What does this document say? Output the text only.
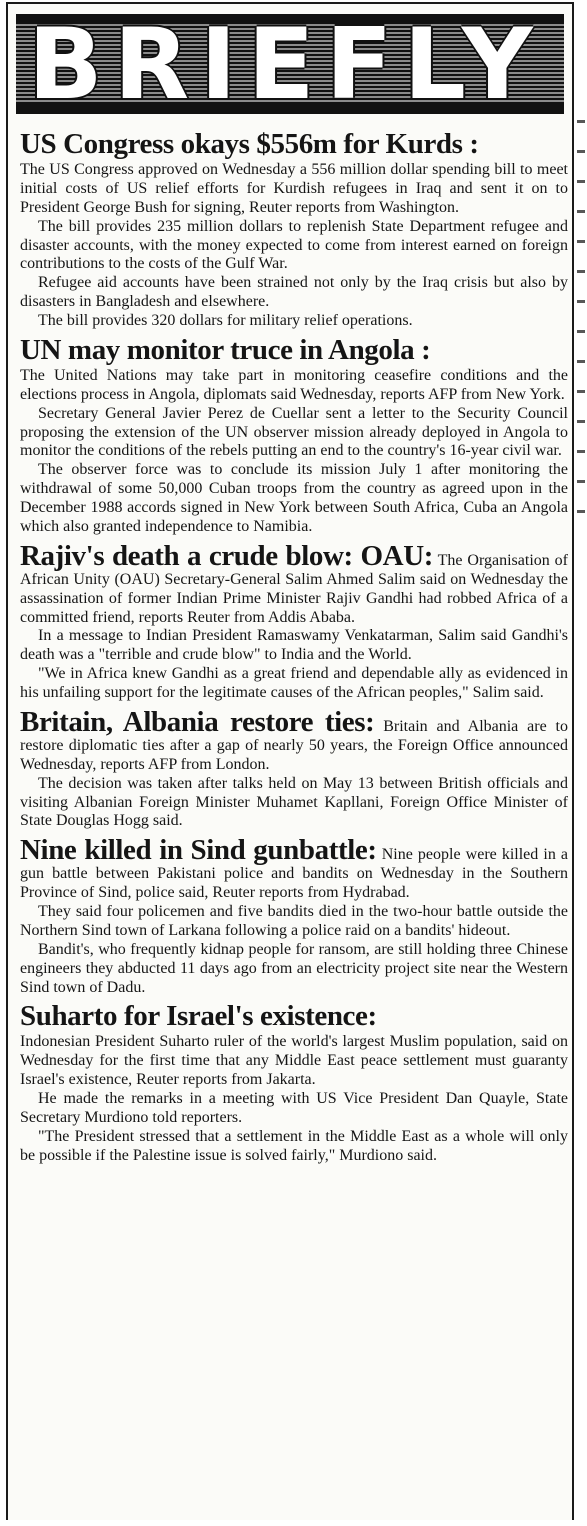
BRIEFLY
US Congress okays $556m for Kurds :

The US Congress approved on Wednesday a 556 million dollar spending bill to meet initial costs of US relief efforts for Kurdish refugees in Iraq and sent it on to President George Bush for signing, Reuter reports from Washington.

The bill provides 235 million dollars to replenish State Department refugee and disaster accounts, with the money expected to come from interest earned on foreign contributions to the costs of the Gulf War.

Refugee aid accounts have been strained not only by the Iraq crisis but also by disasters in Bangladesh and elsewhere.

The bill provides 320 dollars for military relief operations.

UN may monitor truce in Angola :

The United Nations may take part in monitoring ceasefire conditions and the elections process in Angola, diplomats said Wednesday, reports AFP from New York.

Secretary General Javier Perez de Cuellar sent a letter to the Security Council proposing the extension of the UN observer mission already deployed in Angola to monitor the conditions of the rebels putting an end to the country's 16-year civil war.

The observer force was to conclude its mission July 1 after monitoring the withdrawal of some 50,000 Cuban troops from the country as agreed upon in the December 1988 accords signed in New York between South Africa, Cuba an Angola which also granted independence to Namibia.

Rajiv's death a crude blow: OAU: The Organisation of African Unity (OAU) Secretary-General Salim Ahmed Salim said on Wednesday the assassination of former Indian Prime Minister Rajiv Gandhi had robbed Africa of a committed friend, reports Reuter from Addis Ababa.

In a message to Indian President Ramaswamy Venkatarman, Salim said Gandhi's death was a "terrible and crude blow" to India and the World.

"We in Africa knew Gandhi as a great friend and dependable ally as evidenced in his unfailing support for the legitimate causes of the African peoples," Salim said.

Britain, Albania restore ties: Britain and Albania are to restore diplomatic ties after a gap of nearly 50 years, the Foreign Office announced Wednesday, reports AFP from London.

The decision was taken after talks held on May 13 between British officials and visiting Albanian Foreign Minister Muhamet Kapllani, Foreign Office Minister of State Douglas Hogg said.

Nine killed in Sind gunbattle: Nine people were killed in a gun battle between Pakistani police and bandits on Wednesday in the Southern Province of Sind, police said, Reuter reports from Hydrabad.

They said four policemen and five bandits died in the two-hour battle outside the Northern Sind town of Larkana following a police raid on a bandits' hideout.

Bandit's, who frequently kidnap people for ransom, are still holding three Chinese engineers they abducted 11 days ago from an electricity project site near the Western Sind town of Dadu.

Suharto for Israel's existence:

Indonesian President Suharto ruler of the world's largest Muslim population, said on Wednesday for the first time that any Middle East peace settlement must guaranty Israel's existence, Reuter reports from Jakarta.

He made the remarks in a meeting with US Vice President Dan Quayle, State Secretary Murdiono told reporters.

"The President stressed that a settlement in the Middle East as a whole will only be possible if the Palestine issue is solved fairly," Murdiono said.
